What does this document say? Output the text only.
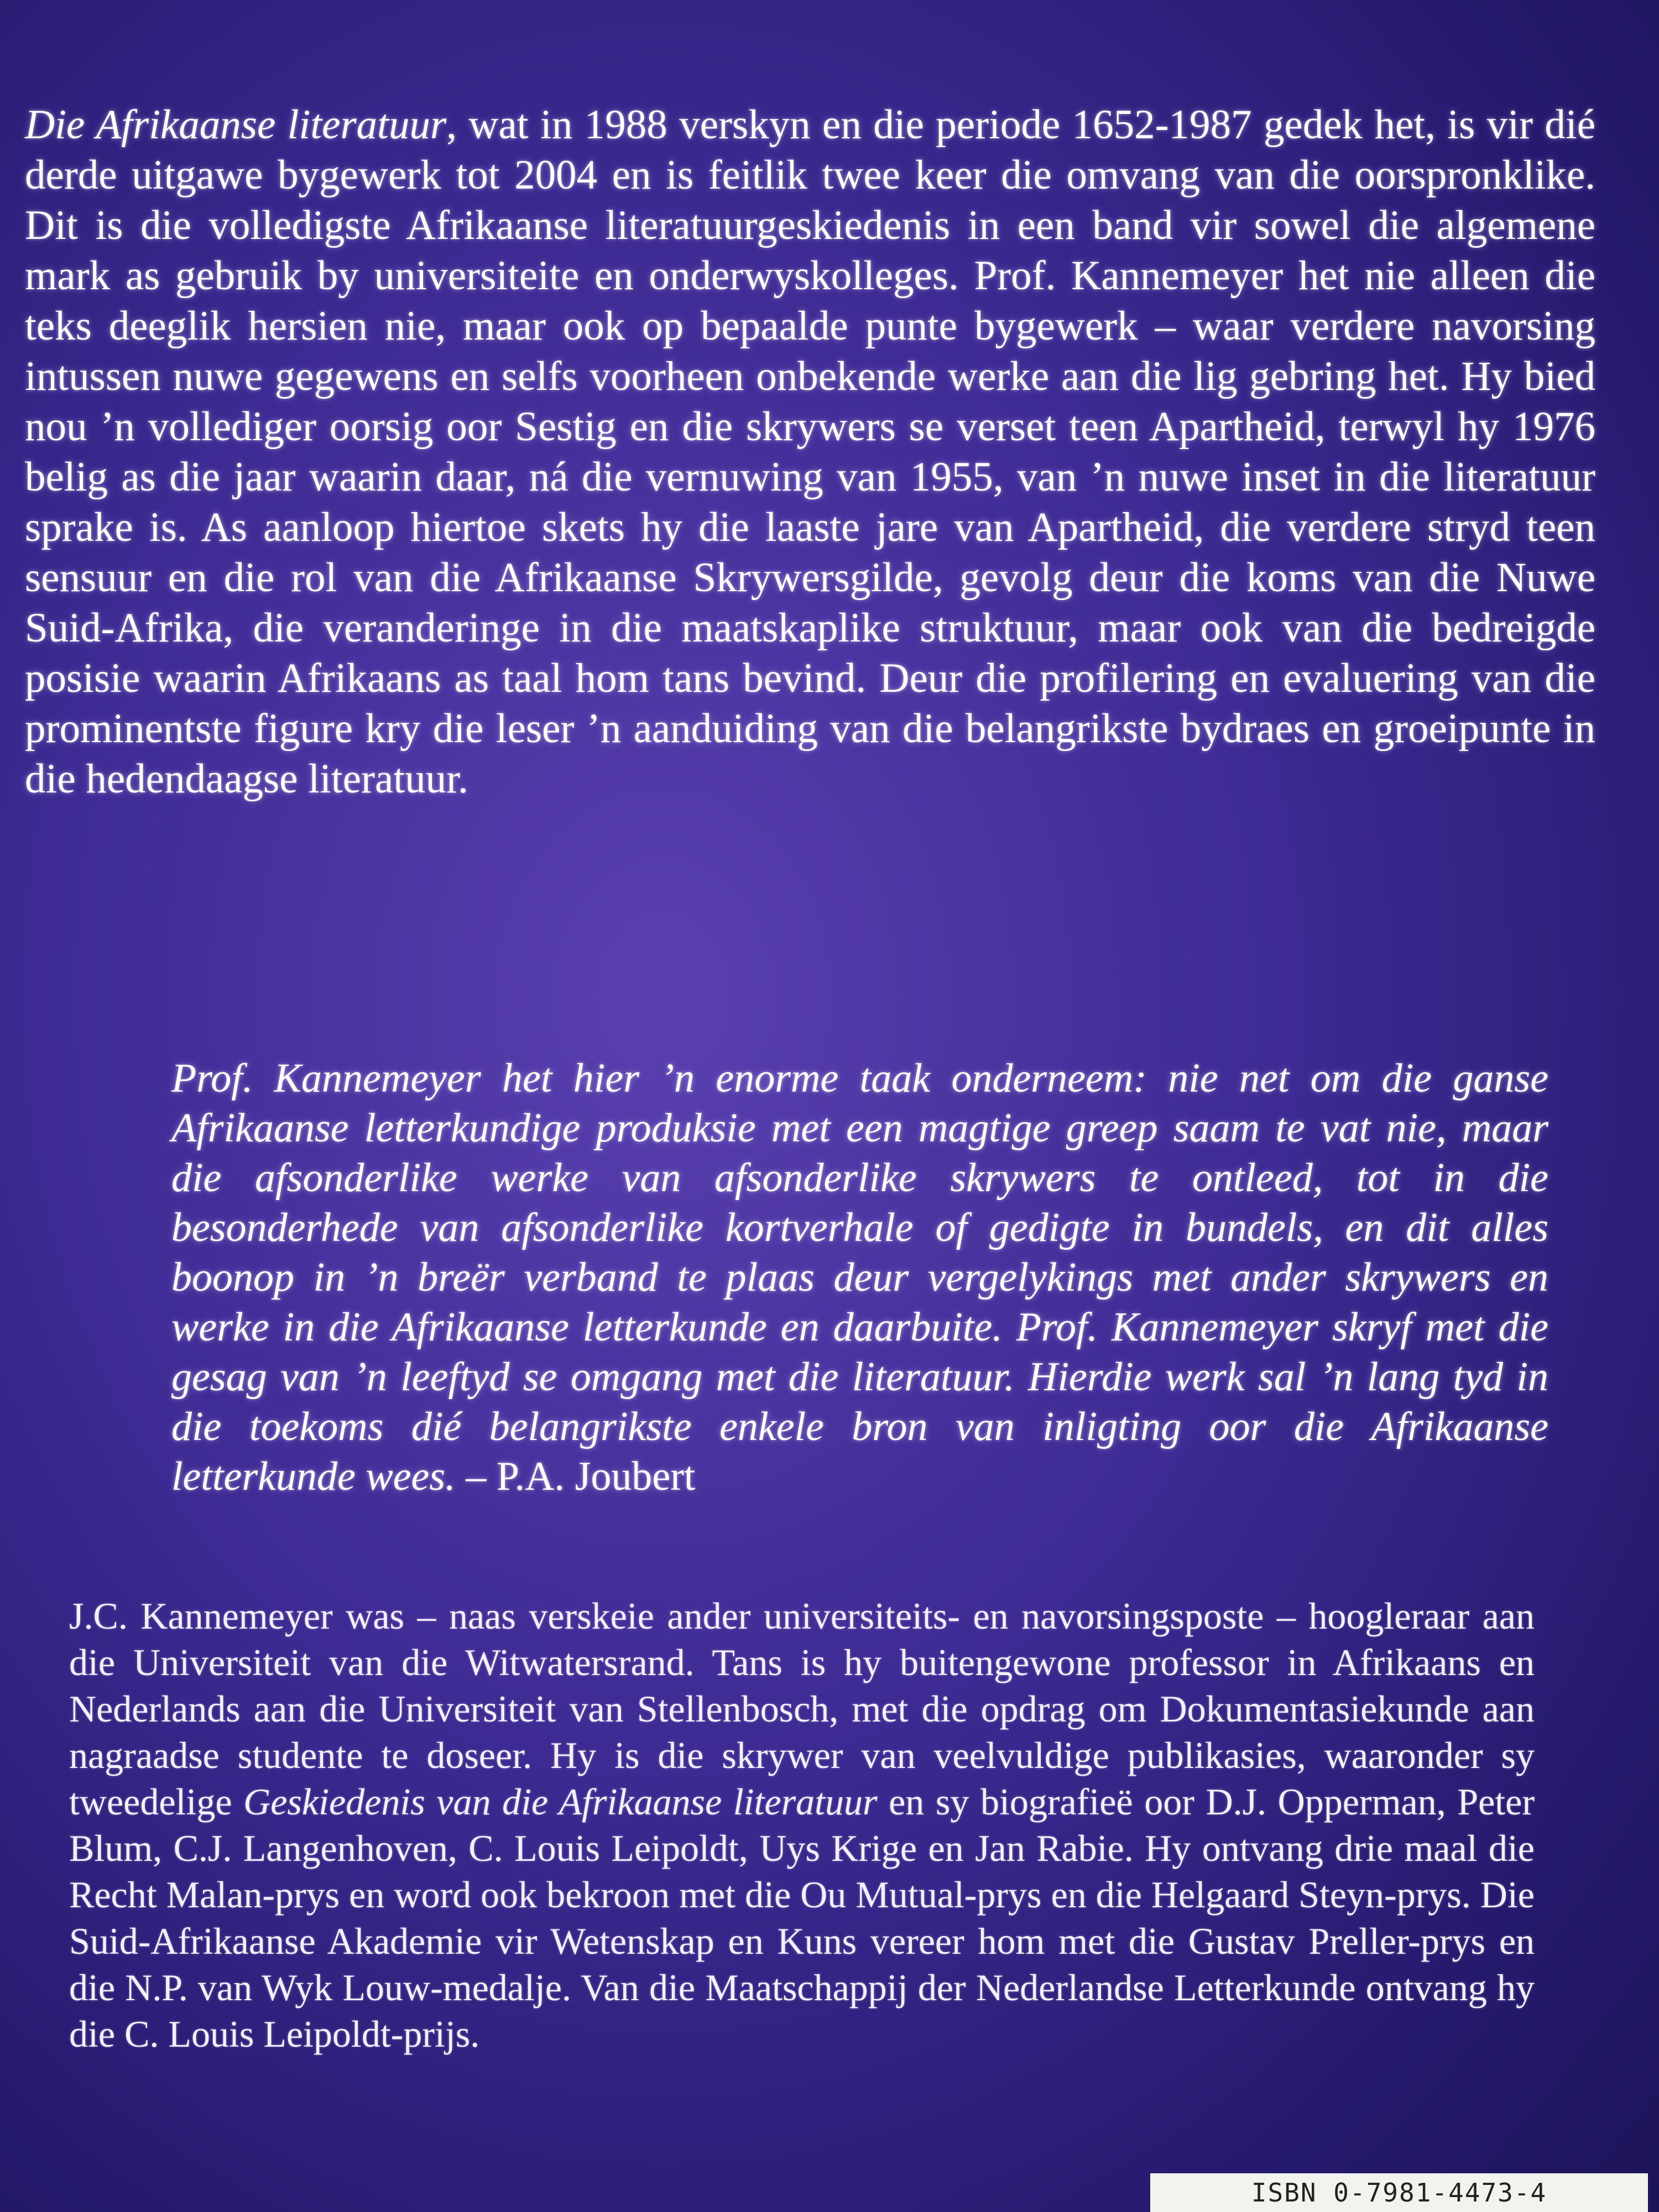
Die Afrikaanse literatuur, wat in 1988 verskyn en die periode 1652-1987 gedek het, is vir dié derde uitgawe bygewerk tot 2004 en is feitlik twee keer die omvang van die oorspronklike. Dit is die volledigste Afrikaanse literatuurgeskiedenis in een band vir sowel die algemene mark as gebruik by universiteite en onderwyskolleges. Prof. Kannemeyer het nie alleen die teks deeglik hersien nie, maar ook op bepaalde punte bygewerk – waar verdere navorsing intussen nuwe gegewens en selfs voorheen onbekende werke aan die lig gebring het. Hy bied nou ’n vollediger oorsig oor Sestig en die skrywers se verset teen Apartheid, terwyl hy 1976 belig as die jaar waarin daar, ná die vernuwing van 1955, van ’n nuwe inset in die literatuur sprake is. As aanloop hiertoe skets hy die laaste jare van Apartheid, die verdere stryd teen sensuur en die rol van die Afrikaanse Skrywersgilde, gevolg deur die koms van die Nuwe Suid-Afrika, die veranderinge in die maatskaplike struktuur, maar ook van die bedreigde posisie waarin Afrikaans as taal hom tans bevind. Deur die profilering en evaluering van die prominentste figure kry die leser ’n aanduiding van die belangrikste bydraes en groeipunte in die hedendaagse literatuur.

Prof. Kannemeyer het hier ’n enorme taak onderneem: nie net om die ganse Afrikaanse letterkundige produksie met een magtige greep saam te vat nie, maar die afsonderlike werke van afsonderlike skrywers te ontleed, tot in die besonderhede van afsonderlike kortverhale of gedigte in bundels, en dit alles boonop in ’n breër verband te plaas deur vergelykings met ander skrywers en werke in die Afrikaanse letterkunde en daarbuite. Prof. Kannemeyer skryf met die gesag van ’n leeftyd se omgang met die literatuur. Hierdie werk sal ’n lang tyd in die toekoms dié belangrikste enkele bron van inligting oor die Afrikaanse letterkunde wees. – P.A. Joubert

J.C. Kannemeyer was – naas verskeie ander universiteits- en navorsingsposte – hoogleraar aan die Universiteit van die Witwatersrand. Tans is hy buitengewone professor in Afrikaans en Nederlands aan die Universiteit van Stellenbosch, met die opdrag om Dokumentasiekunde aan nagraadse studente te doseer. Hy is die skrywer van veelvuldige publikasies, waaronder sy tweedelige Geskiedenis van die Afrikaanse literatuur en sy biografieë oor D.J. Opperman, Peter Blum, C.J. Langenhoven, C. Louis Leipoldt, Uys Krige en Jan Rabie. Hy ontvang drie maal die Recht Malan-prys en word ook bekroon met die Ou Mutual-prys en die Helgaard Steyn-prys. Die Suid-Afrikaanse Akademie vir Wetenskap en Kuns vereer hom met die Gustav Preller-prys en die N.P. van Wyk Louw-medalje. Van die Maatschappij der Nederlandse Letterkunde ontvang hy die C. Louis Leipoldt-prijs.

ISBN 0-7981-4473-4
